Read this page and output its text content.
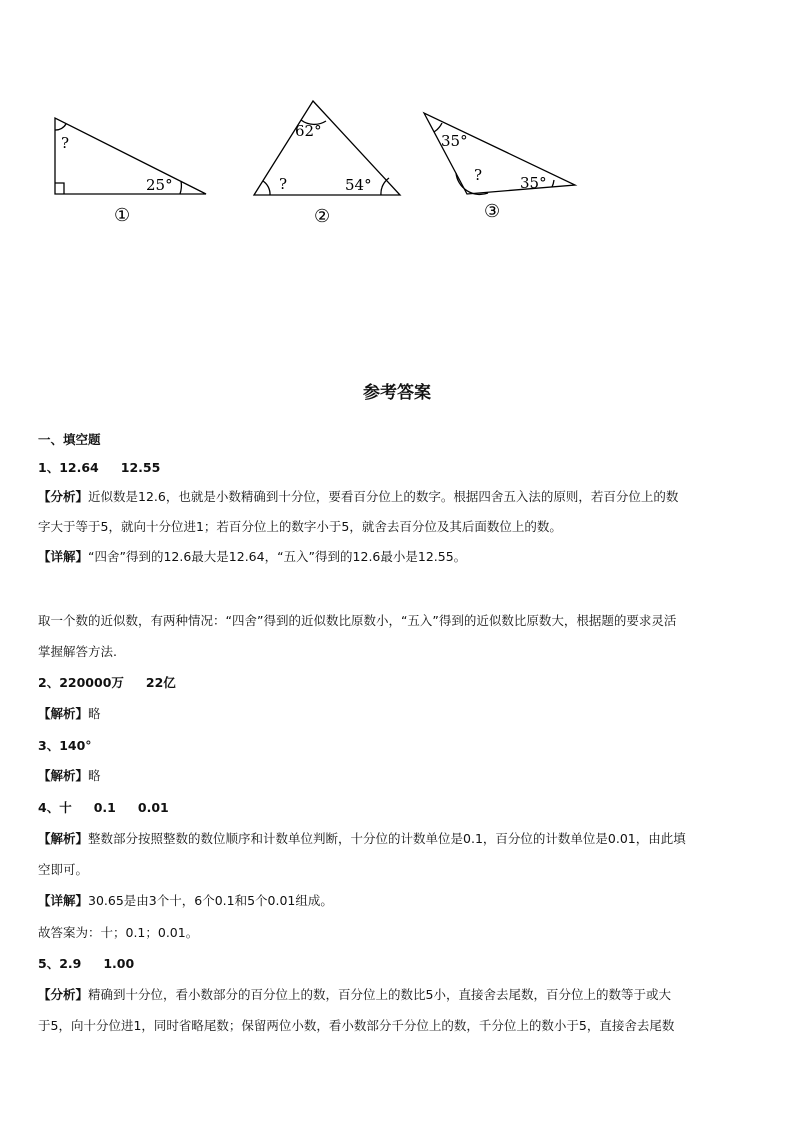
?
25°
①
62°
?	54°
②
35°
?	35°
③
参考答案
一、填空题
1、12.64 12.55
【分析】近似数是12.6，也就是小数精确到十分位，要看百分位上的数字。根据四舍五入法的原则，若百分位上的数
字大于等于5，就向十分位进1；若百分位上的数字小于5，就舍去百分位及其后面数位上的数。
【详解】“四舍”得到的12.6最大是12.64，“五入”得到的12.6最小是12.55。
取一个数的近似数，有两种情况：“四舍”得到的近似数比原数小，“五入”得到的近似数比原数大，根据题的要求灵活
掌握解答方法.
2、220000万 22亿
【解析】略
3、140°
【解析】略
4、十 0.1 0.01
【解析】整数部分按照整数的数位顺序和计数单位判断，十分位的计数单位是0.1，百分位的计数单位是0.01，由此填
空即可。
【详解】30.65是由3个十，6个0.1和5个0.01组成。
故答案为：十；0.1；0.01。
5、2.9 1.00
【分析】精确到十分位，看小数部分的百分位上的数，百分位上的数比5小，直接舍去尾数，百分位上的数等于或大
于5，向十分位进1，同时省略尾数；保留两位小数，看小数部分千分位上的数，千分位上的数小于5，直接舍去尾数
